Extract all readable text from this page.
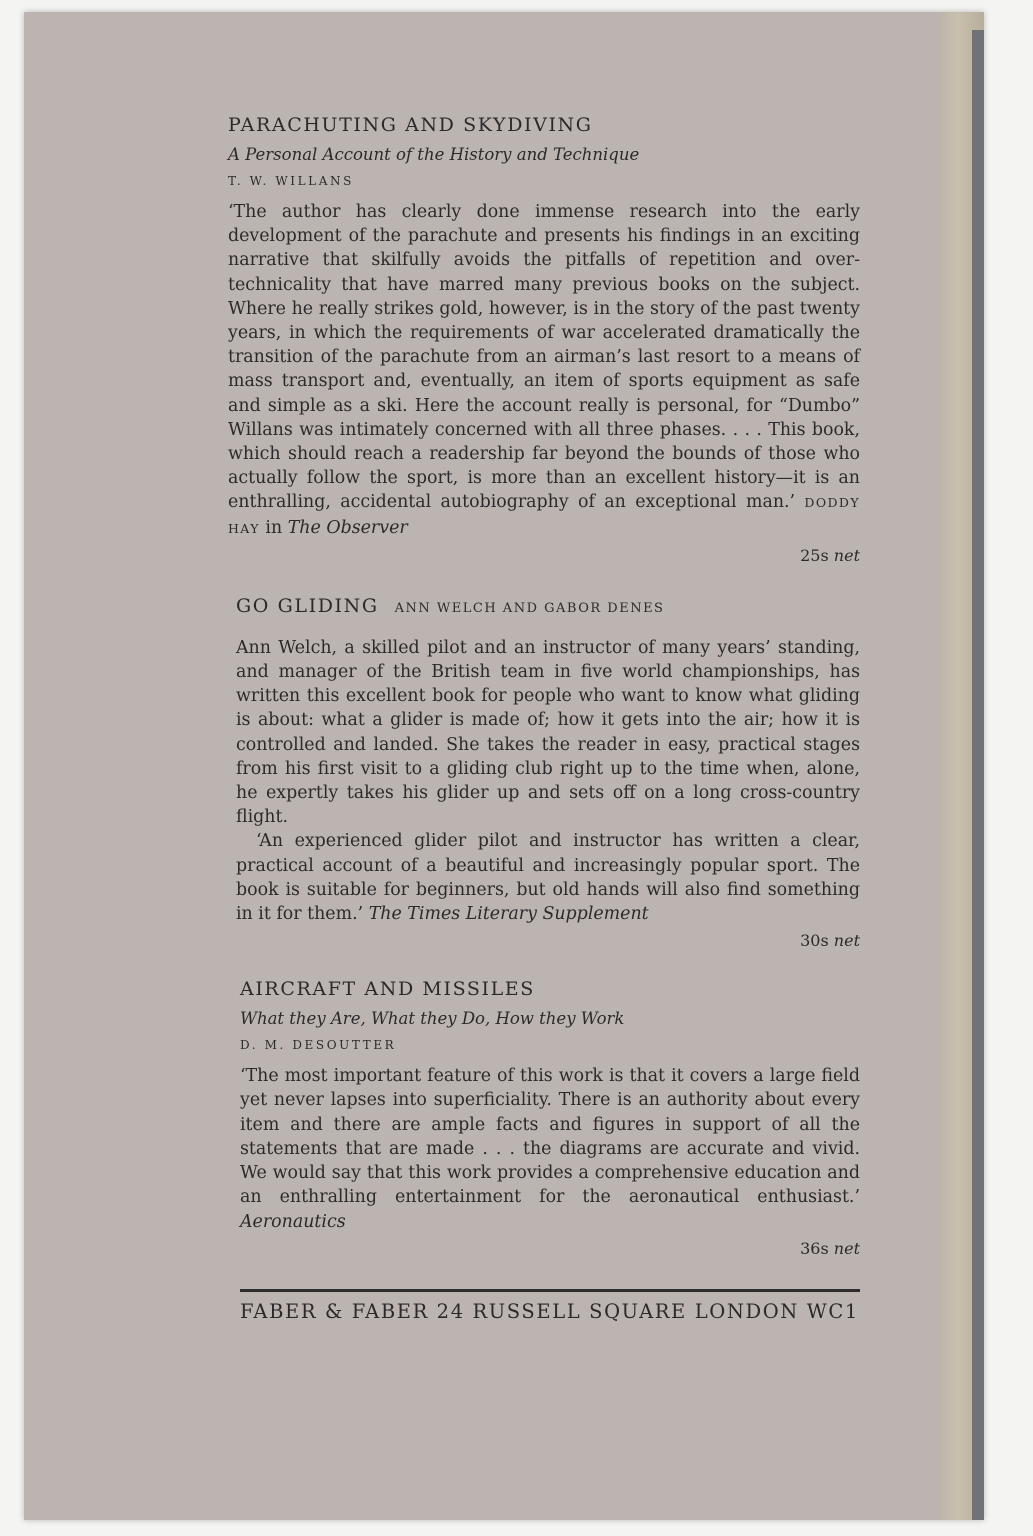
PARACHUTING AND SKYDIVING
A Personal Account of the History and Technique
T. W. WILLANS

‘The author has clearly done immense research into the early development of the parachute and presents his findings in an exciting narrative that skilfully avoids the pitfalls of repetition and over-technicality that have marred many previous books on the subject. Where he really strikes gold, however, is in the story of the past twenty years, in which the requirements of war accelerated dramatically the transition of the parachute from an airman’s last resort to a means of mass transport and, eventually, an item of sports equipment as safe and simple as a ski. Here the account really is personal, for “Dumbo” Willans was intimately concerned with all three phases. . . . This book, which should reach a readership far beyond the bounds of those who actually follow the sport, is more than an excellent history—it is an enthralling, accidental autobiography of an exceptional man.’ DODDY HAY in The Observer

25s net
GO GLIDING ANN WELCH AND GABOR DENES

Ann Welch, a skilled pilot and an instructor of many years’ standing, and manager of the British team in five world championships, has written this excellent book for people who want to know what gliding is about: what a glider is made of; how it gets into the air; how it is controlled and landed. She takes the reader in easy, practical stages from his first visit to a gliding club right up to the time when, alone, he expertly takes his glider up and sets off on a long cross-country flight.

‘An experienced glider pilot and instructor has written a clear, practical account of a beautiful and increasingly popular sport. The book is suitable for beginners, but old hands will also find something in it for them.’ The Times Literary Supplement

30s net
AIRCRAFT AND MISSILES
What they Are, What they Do, How they Work
D. M. DESOUTTER

‘The most important feature of this work is that it covers a large field yet never lapses into superficiality. There is an authority about every item and there are ample facts and figures in support of all the statements that are made . . . the diagrams are accurate and vivid. We would say that this work provides a comprehensive education and an enthralling entertainment for the aeronautical enthusiast.’ Aeronautics

36s net
FABER & FABER 24 RUSSELL SQUARE LONDON WC1
